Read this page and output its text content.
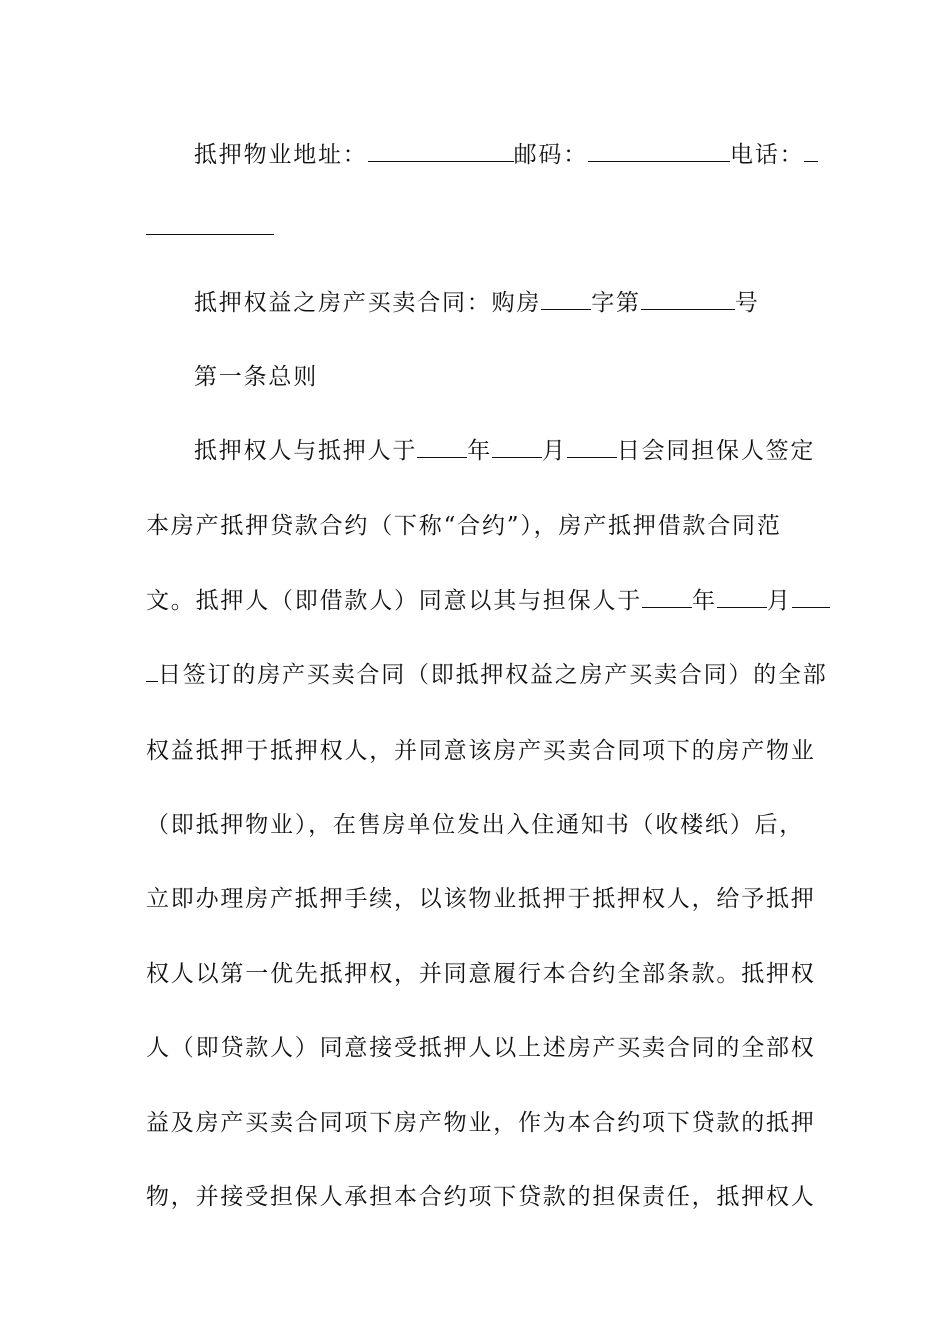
抵押物业地址：	邮码：	电话：
抵押权益之房产买卖合同：购房 字第	号
第一条总则
抵押权人与抵押人于 年 月 日会同担保人签定
本房产抵押贷款合约（下称“合约”），房产抵押借款合同范
文。抵押人（即借款人）同意以其与担保人于 年 月
日签订的房产买卖合同（即抵押权益之房产买卖合同）的全部
权益抵押于抵押权人，并同意该房产买卖合同项下的房产物业
（即抵押物业），在售房单位发出入住通知书（收楼纸）后，
立即办理房产抵押手续，以该物业抵押于抵押权人，给予抵押
权人以第一优先抵押权，并同意履行本合约全部条款。抵押权
人（即贷款人）同意接受抵押人以上述房产买卖合同的全部权
益及房产买卖合同项下房产物业，作为本合约项下贷款的抵押
物，并接受担保人承担本合约项下贷款的担保责任，抵押权人
